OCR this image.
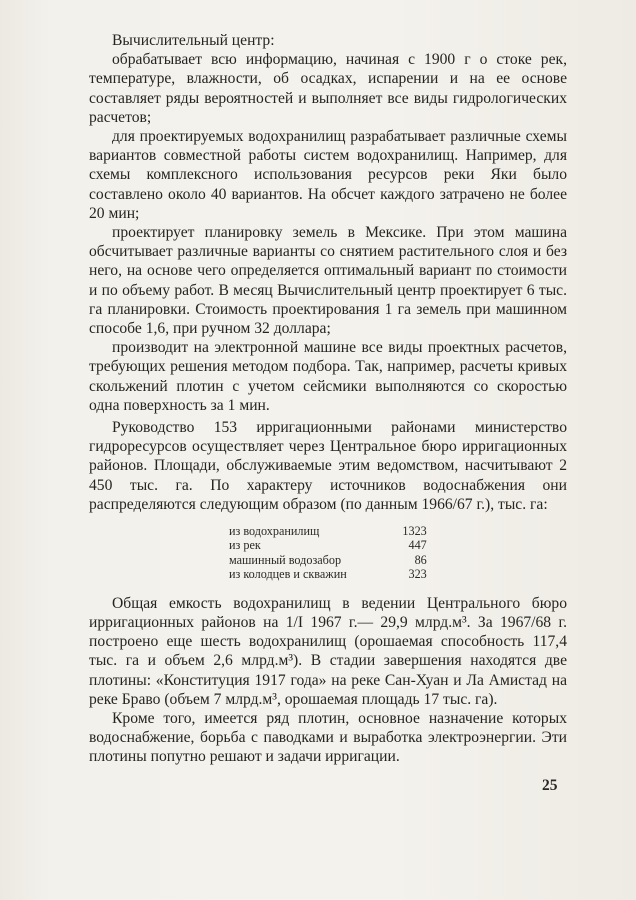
Вычислительный центр:

обрабатывает всю информацию, начиная с 1900 г о стоке рек, температуре, влажности, об осадках, испарении и на ее основе составляет ряды вероятностей и выполняет все виды гидрологических расчетов;

для проектируемых водохранилищ разрабатывает различные схемы вариантов совместной работы систем водохранилищ. Например, для схемы комплексного использования ресурсов реки Яки было составлено около 40 вариантов. На обсчет каждого затрачено не более 20 мин;

проектирует планировку земель в Мексике. При этом машина обсчитывает различные варианты со снятием растительного слоя и без него, на основе чего определяется оптимальный вариант по стоимости и по объему работ. В месяц Вычислительный центр проектирует 6 тыс. га планировки. Стоимость проектирования 1 га земель при машинном способе 1,6, при ручном 32 доллара;

производит на электронной машине все виды проектных расчетов, требующих решения методом подбора. Так, например, расчеты кривых скольжений плотин с учетом сейсмики выполняются со скоростью одна поверхность за 1 мин.

Руководство 153 ирригационными районами министерство гидроресурсов осуществляет через Центральное бюро ирригационных районов. Площади, обслуживаемые этим ведомством, насчитывают 2 450 тыс. га. По характеру источников водоснабжения они распределяются следующим образом (по данным 1966/67 г.), тыс. га:

из водохранилищ	1323
из рек	447
машинный водозабор	86
из колодцев и скважин	323

Общая емкость водохранилищ в ведении Центрального бюро ирригационных районов на 1/I 1967 г.— 29,9 млрд.м³. За 1967/68 г. построено еще шесть водохранилищ (орошаемая способность 117,4 тыс. га и объем 2,6 млрд.м³). В стадии завершения находятся две плотины: «Конституция 1917 года» на реке Сан-Хуан и Ла Амистад на реке Браво (объем 7 млрд.м³, орошаемая площадь 17 тыс. га).

Кроме того, имеется ряд плотин, основное назначение которых водоснабжение, борьба с паводками и выработка электроэнергии. Эти плотины попутно решают и задачи ирригации.

25
